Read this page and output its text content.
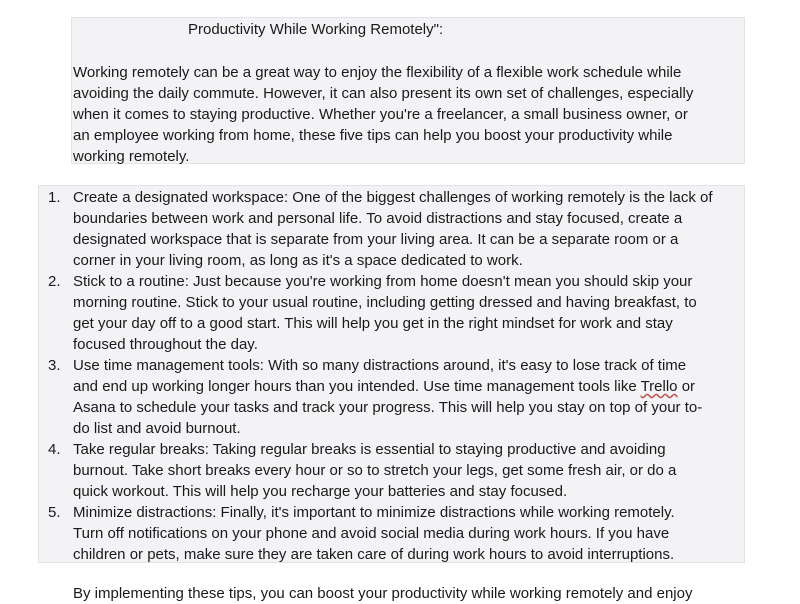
Productivity While Working Remotely":
Working remotely can be a great way to enjoy the flexibility of a flexible work schedule while
avoiding the daily commute. However, it can also present its own set of challenges, especially
when it comes to staying productive. Whether you're a freelancer, a small business owner, or
an employee working from home, these five tips can help you boost your productivity while
working remotely.
1. Create a designated workspace: One of the biggest challenges of working remotely is the lack of
boundaries between work and personal life. To avoid distractions and stay focused, create a
designated workspace that is separate from your living area. It can be a separate room or a
corner in your living room, as long as it's a space dedicated to work.
2. Stick to a routine: Just because you're working from home doesn't mean you should skip your
morning routine. Stick to your usual routine, including getting dressed and having breakfast, to
get your day off to a good start. This will help you get in the right mindset for work and stay
focused throughout the day.
3. Use time management tools: With so many distractions around, it's easy to lose track of time
and end up working longer hours than you intended. Use time management tools like Trello or
Asana to schedule your tasks and track your progress. This will help you stay on top of your to-
do list and avoid burnout.
4. Take regular breaks: Taking regular breaks is essential to staying productive and avoiding
burnout. Take short breaks every hour or so to stretch your legs, get some fresh air, or do a
quick workout. This will help you recharge your batteries and stay focused.
5. Minimize distractions: Finally, it's important to minimize distractions while working remotely.
Turn off notifications on your phone and avoid social media during work hours. If you have
children or pets, make sure they are taken care of during work hours to avoid interruptions.
By implementing these tips, you can boost your productivity while working remotely and enjoy
